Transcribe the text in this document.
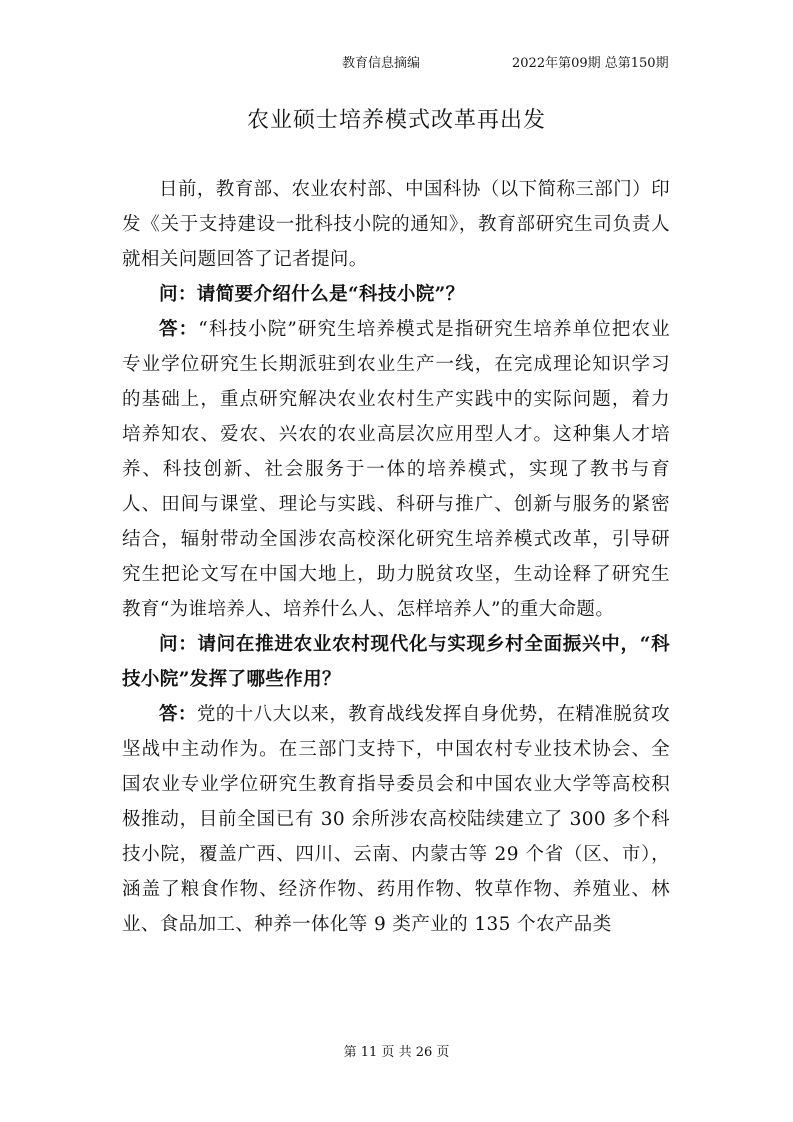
教育信息摘编	2022年第09期 总第150期
农业硕士培养模式改革再出发

日前，教育部、农业农村部、中国科协（以下简称三部门）印发《关于支持建设一批科技小院的通知》，教育部研究生司负责人就相关问题回答了记者提问。

问：请简要介绍什么是“科技小院”？

答：“科技小院”研究生培养模式是指研究生培养单位把农业专业学位研究生长期派驻到农业生产一线，在完成理论知识学习的基础上，重点研究解决农业农村生产实践中的实际问题，着力培养知农、爱农、兴农的农业高层次应用型人才。这种集人才培养、科技创新、社会服务于一体的培养模式，实现了教书与育人、田间与课堂、理论与实践、科研与推广、创新与服务的紧密结合，辐射带动全国涉农高校深化研究生培养模式改革，引导研究生把论文写在中国大地上，助力脱贫攻坚，生动诠释了研究生教育“为谁培养人、培养什么人、怎样培养人”的重大命题。

问：请问在推进农业农村现代化与实现乡村全面振兴中，“科技小院”发挥了哪些作用？

答：党的十八大以来，教育战线发挥自身优势，在精准脱贫攻坚战中主动作为。在三部门支持下，中国农村专业技术协会、全国农业专业学位研究生教育指导委员会和中国农业大学等高校积极推动，目前全国已有 30 余所涉农高校陆续建立了 300 多个科技小院，覆盖广西、四川、云南、内蒙古等 29 个省（区、市），涵盖了粮食作物、经济作物、药用作物、牧草作物、养殖业、林业、食品加工、种养一体化等 9 类产业的 135 个农产品类

第 11 页 共 26 页
